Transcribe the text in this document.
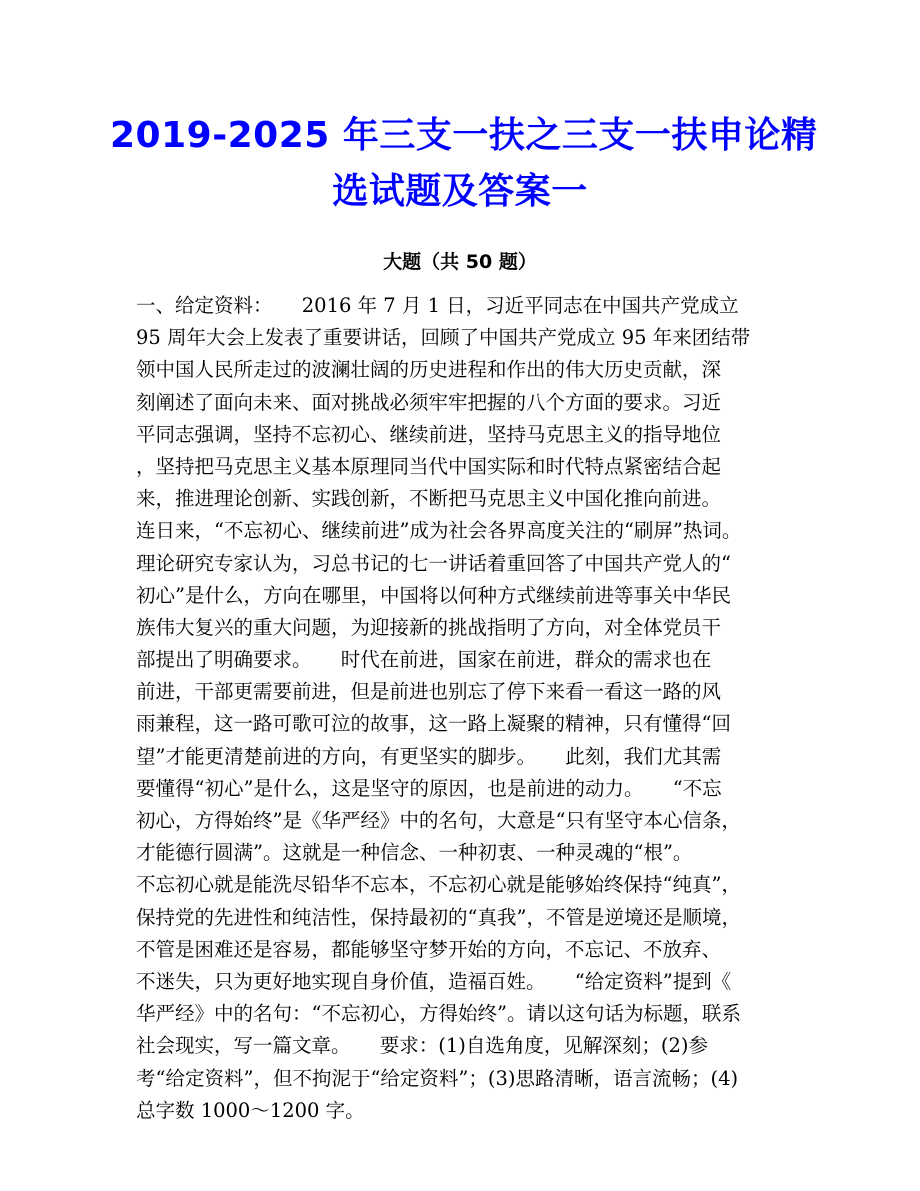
2019-2025 年三支一扶之三支一扶申论精
选试题及答案一
大题（共 50 题）
一、给定资料：　　2016 年 7 月 1 日，习近平同志在中国共产党成立
95 周年大会上发表了重要讲话，回顾了中国共产党成立 95 年来团结带
领中国人民所走过的波澜壮阔的历史进程和作出的伟大历史贡献，深
刻阐述了面向未来、面对挑战必须牢牢把握的八个方面的要求。习近
平同志强调，坚持不忘初心、继续前进，坚持马克思主义的指导地位
，坚持把马克思主义基本原理同当代中国实际和时代特点紧密结合起
来，推进理论创新、实践创新，不断把马克思主义中国化推向前进。
连日来，“不忘初心、继续前进”成为社会各界高度关注的“刷屏”热词。
理论研究专家认为，习总书记的七一讲话着重回答了中国共产党人的“
初心”是什么，方向在哪里，中国将以何种方式继续前进等事关中华民
族伟大复兴的重大问题，为迎接新的挑战指明了方向，对全体党员干
部提出了明确要求。　　时代在前进，国家在前进，群众的需求也在
前进，干部更需要前进，但是前进也别忘了停下来看一看这一路的风
雨兼程，这一路可歌可泣的故事，这一路上凝聚的精神，只有懂得“回
望”才能更清楚前进的方向，有更坚实的脚步。　　此刻，我们尤其需
要懂得“初心”是什么，这是坚守的原因，也是前进的动力。　　“不忘
初心，方得始终”是《华严经》中的名句，大意是“只有坚守本心信条，
才能德行圆满”。这就是一种信念、一种初衷、一种灵魂的“根”。
不忘初心就是能洗尽铅华不忘本，不忘初心就是能够始终保持“纯真”，
保持党的先进性和纯洁性，保持最初的“真我”，不管是逆境还是顺境，
不管是困难还是容易，都能够坚守梦开始的方向，不忘记、不放弃、
不迷失，只为更好地实现自身价值，造福百姓。　　“给定资料”提到《
华严经》中的名句：“不忘初心，方得始终”。请以这句话为标题，联系
社会现实，写一篇文章。　　要求：(1)自选角度，见解深刻；(2)参
考“给定资料”，但不拘泥于“给定资料”；(3)思路清晰，语言流畅；(4)
总字数 1000～1200 字。
